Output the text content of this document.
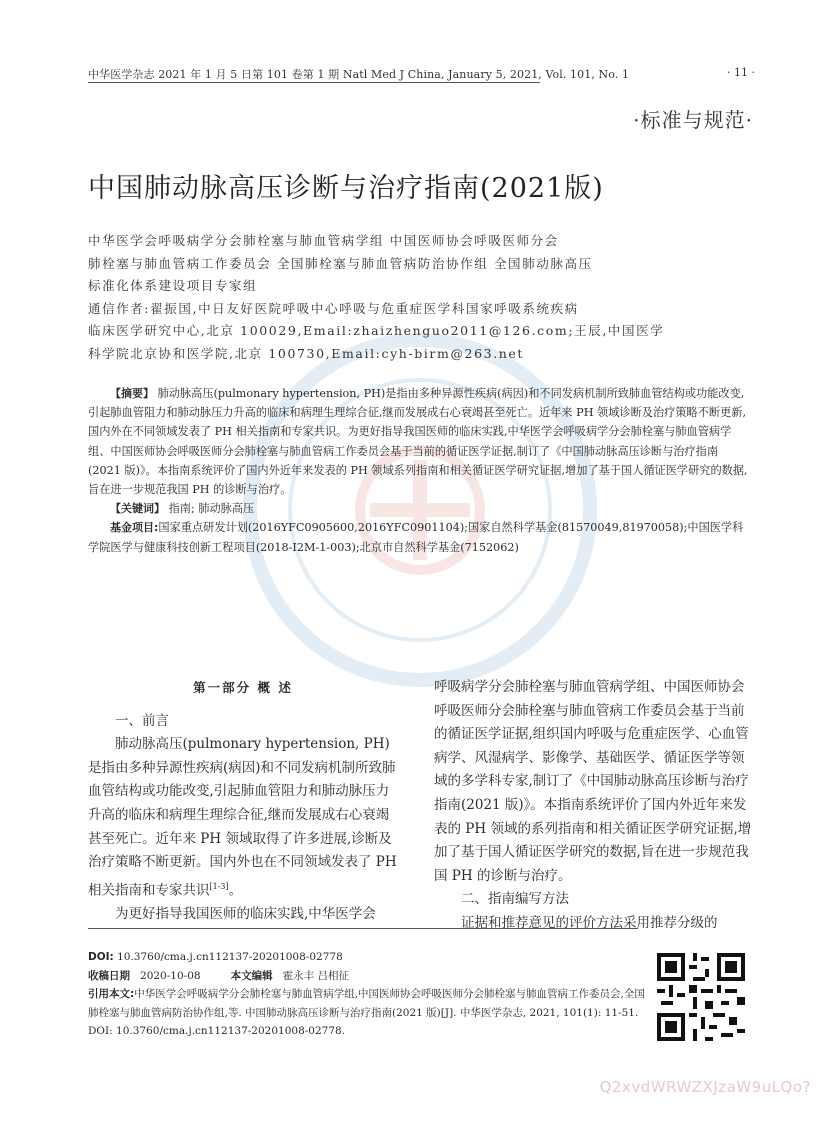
中华医学杂志 2021 年 1 月 5 日第 101 卷第 1 期 Natl Med J China, January 5, 2021, Vol. 101, No. 1	· 11 ·
·标准与规范·
中国肺动脉高压诊断与治疗指南(2021版)

中华医学会呼吸病学分会肺栓塞与肺血管病学组 中国医师协会呼吸医师分会

肺栓塞与肺血管病工作委员会 全国肺栓塞与肺血管病防治协作组 全国肺动脉高压

标准化体系建设项目专家组

通信作者:翟振国,中日友好医院呼吸中心呼吸与危重症医学科国家呼吸系统疾病

临床医学研究中心,北京 100029,Email:zhaizhenguo2011@126.com;王辰,中国医学

科学院北京协和医学院,北京 100730,Email:cyh-birm@263.net

【摘要】 肺动脉高压(pulmonary hypertension, PH)是指由多种异源性疾病(病因)和不同发病机制所致肺血管结构或功能改变,引起肺血管阻力和肺动脉压力升高的临床和病理生理综合征,继而发展成右心衰竭甚至死亡。近年来 PH 领域诊断及治疗策略不断更新,国内外在不同领域发表了 PH 相关指南和专家共识。为更好指导我国医师的临床实践,中华医学会呼吸病学分会肺栓塞与肺血管病学组、中国医师协会呼吸医师分会肺栓塞与肺血管病工作委员会基于当前的循证医学证据,制订了《中国肺动脉高压诊断与治疗指南(2021 版)》。本指南系统评价了国内外近年来发表的 PH 领域系列指南和相关循证医学研究证据,增加了基于国人循证医学研究的数据,旨在进一步规范我国 PH 的诊断与治疗。

【关键词】 指南; 肺动脉高压

基金项目:国家重点研发计划(2016YFC0905600,2016YFC0901104);国家自然科学基金(81570049,81970058);中国医学科学院医学与健康科技创新工程项目(2018-I2M-1-003);北京市自然科学基金(7152062)

第一部分 概 述

一、前言

肺动脉高压(pulmonary hypertension, PH)是指由多种异源性疾病(病因)和不同发病机制所致肺血管结构或功能改变,引起肺血管阻力和肺动脉压力升高的临床和病理生理综合征,继而发展成右心衰竭甚至死亡。近年来 PH 领域取得了许多进展,诊断及治疗策略不断更新。国内外也在不同领域发表了 PH 相关指南和专家共识[1-3]。

为更好指导我国医师的临床实践,中华医学会

呼吸病学分会肺栓塞与肺血管病学组、中国医师协会呼吸医师分会肺栓塞与肺血管病工作委员会基于当前的循证医学证据,组织国内呼吸与危重症医学、心血管病学、风湿病学、影像学、基础医学、循证医学等领域的多学科专家,制订了《中国肺动脉高压诊断与治疗指南(2021 版)》。本指南系统评价了国内外近年来发表的 PH 领域的系列指南和相关循证医学研究证据,增加了基于国人循证医学研究的数据,旨在进一步规范我国 PH 的诊断与治疗。

二、指南编写方法

证据和推荐意见的评价方法采用推荐分级的

DOI: 10.3760/cma.j.cn112137-20201008-02778

收稿日期 2020-10-08	本文编辑 霍永丰 吕相征

引用本文:中华医学会呼吸病学分会肺栓塞与肺血管病学组,中国医师协会呼吸医师分会肺栓塞与肺血管病工作委员会,全国肺栓塞与肺血管病防治协作组,等. 中国肺动脉高压诊断与治疗指南(2021 版)[J]. 中华医学杂志, 2021, 101(1): 11-51. DOI: 10.3760/cma.j.cn112137-20201008-02778.

Q2xvdWRWZXJzaW9uLQo?
